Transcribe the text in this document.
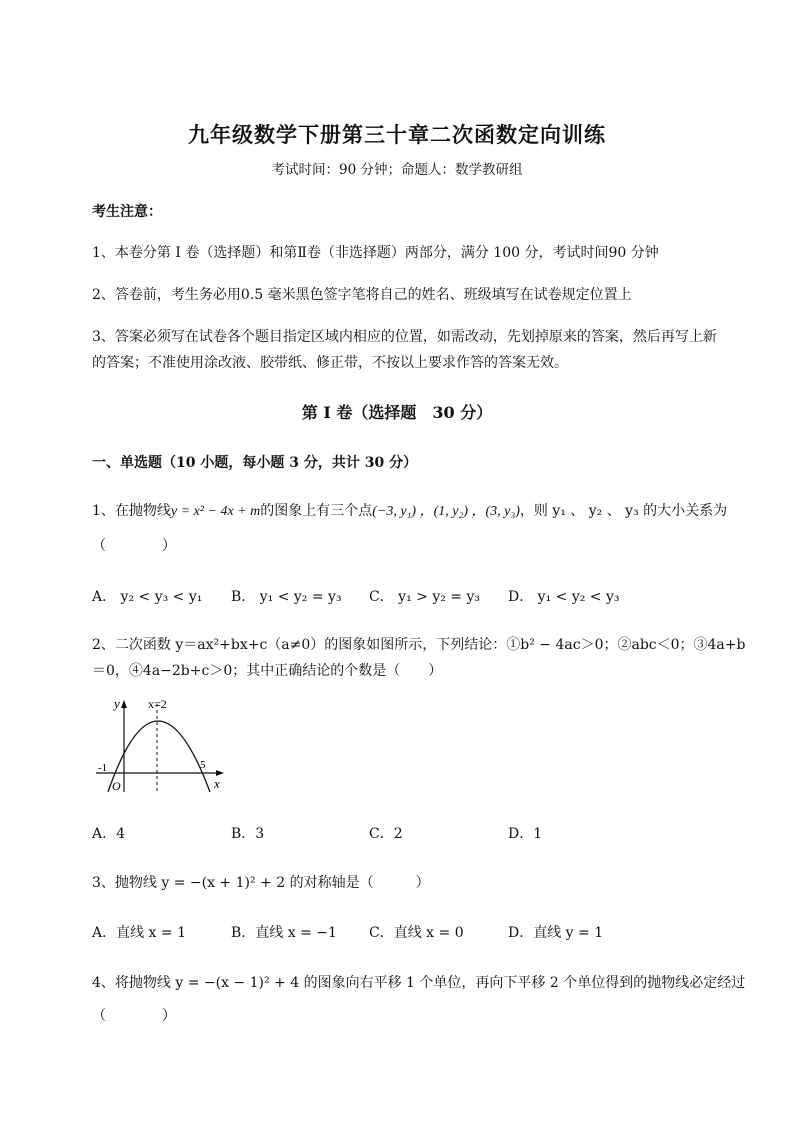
九年级数学下册第三十章二次函数定向训练
考试时间：90 分钟；命题人：数学教研组
考生注意：
1、本卷分第 I 卷（选择题）和第Ⅱ卷（非选择题）两部分，满分 100 分，考试时间90 分钟
2、答卷前，考生务必用0.5 毫米黑色签字笔将自己的姓名、班级填写在试卷规定位置上
3、答案必须写在试卷各个题目指定区域内相应的位置，如需改动，先划掉原来的答案，然后再写上新
的答案；不准使用涂改液、胶带纸、修正带，不按以上要求作答的答案无效。
第 I 卷（选择题　30 分）
一、单选题（10 小题，每小题 3 分，共计 30 分）
1、在抛物线y = x² − 4x + m的图象上有三个点(−3, y₁) ，(1, y₂) ，(3, y₃)，则 y₁ 、 y₂ 、 y₃ 的大小关系为
（　　　　）
A． y₂ < y₃ < y₁ B． y₁ < y₂ = y₃ C． y₁ > y₂ = y₃ D． y₁ < y₂ < y₃
2、二次函数 y＝ax²+bx+c（a≠0）的图象如图所示，下列结论：①b² − 4ac＞0；②abc＜0；③4a+b
＝0，④4a−2b+c＞0；其中正确结论的个数是（　　）
y
x
O
x=2
-1	5
A．4	B．3	C．2	D．1
3、抛物线 y = −(x + 1)² + 2 的对称轴是（　　　）
A．直线 x = 1	B．直线 x = −1 C．直线 x = 0	D．直线 y = 1
4、将抛物线 y = −(x − 1)² + 4 的图象向右平移 1 个单位，再向下平移 2 个单位得到的抛物线必定经过
（　　　　）
